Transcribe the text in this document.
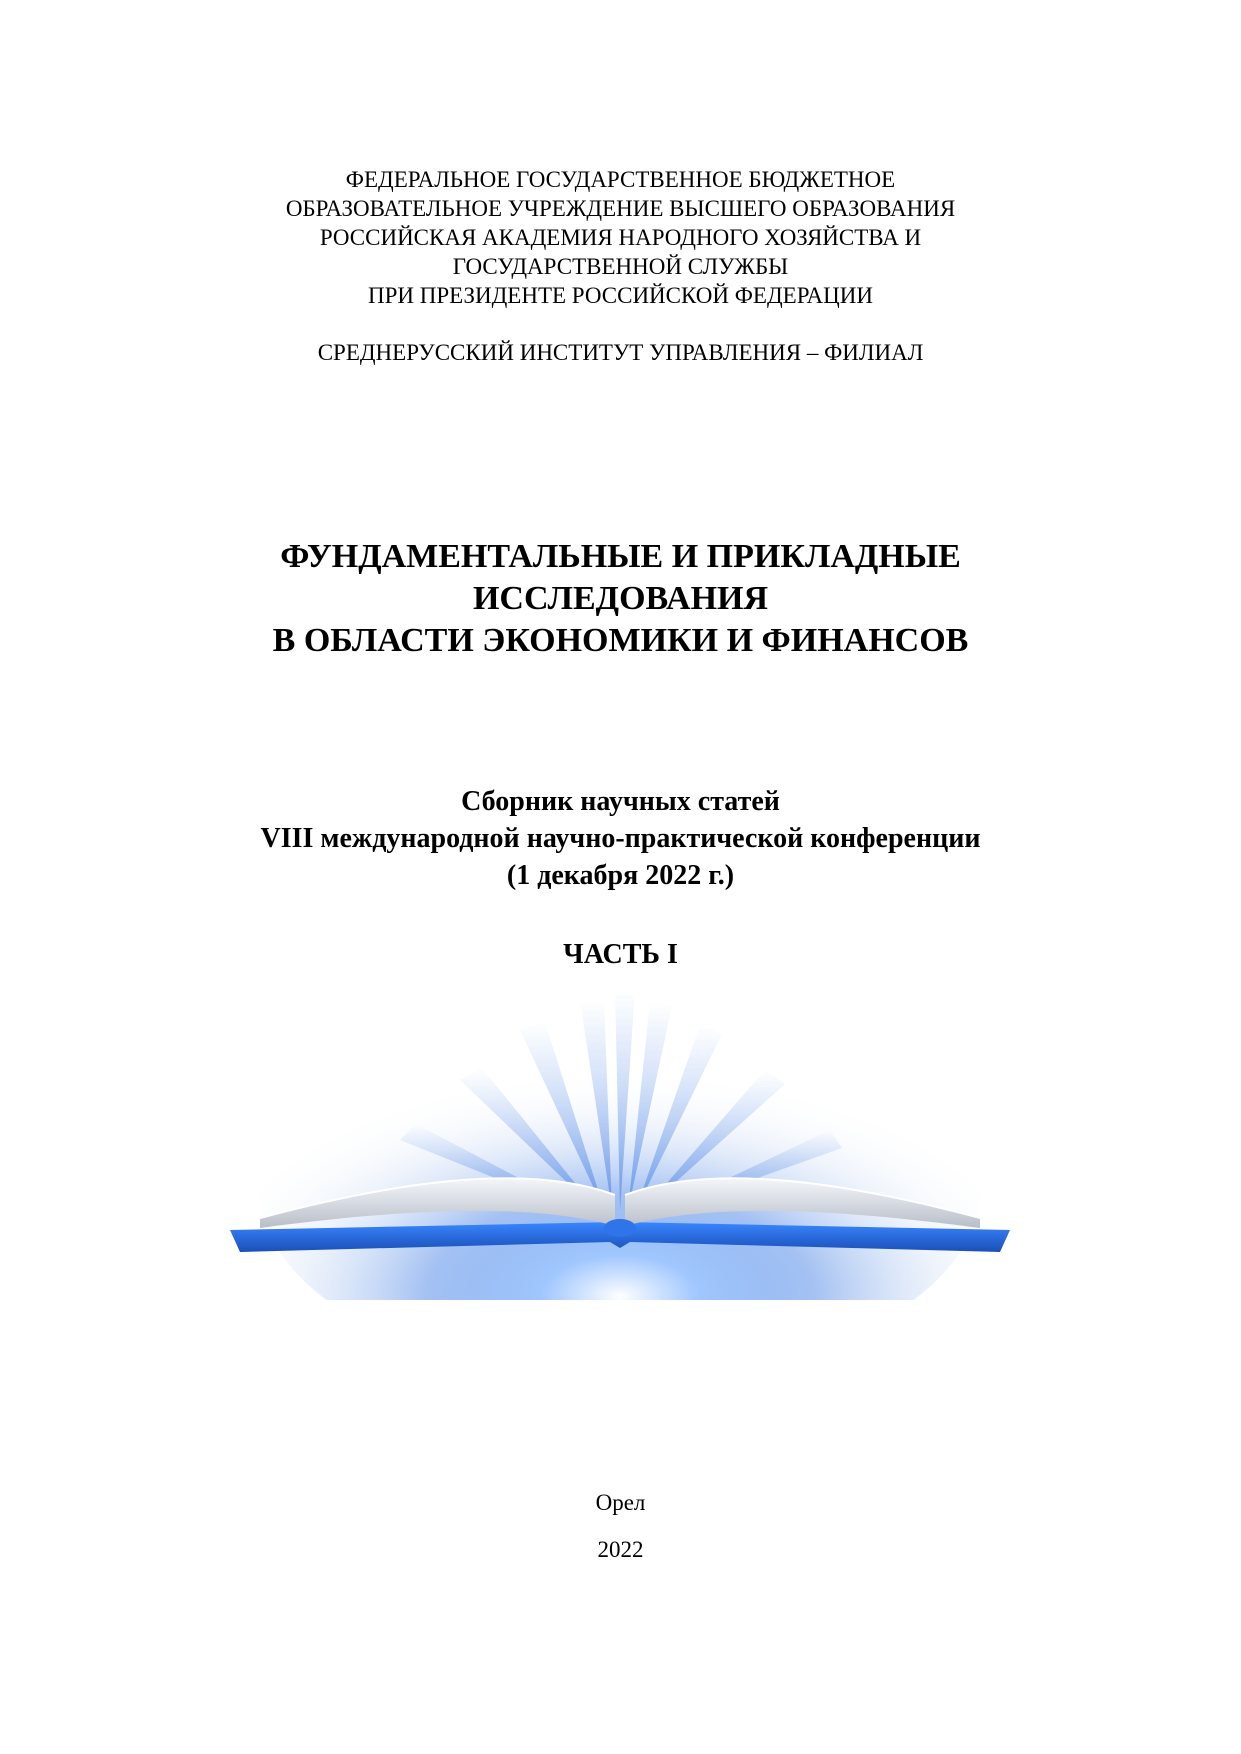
ФЕДЕРАЛЬНОЕ ГОСУДАРСТВЕННОЕ БЮДЖЕТНОЕ
ОБРАЗОВАТЕЛЬНОЕ УЧРЕЖДЕНИЕ ВЫСШЕГО ОБРАЗОВАНИЯ
РОССИЙСКАЯ АКАДЕМИЯ НАРОДНОГО ХОЗЯЙСТВА И
ГОСУДАРСТВЕННОЙ СЛУЖБЫ
ПРИ ПРЕЗИДЕНТЕ РОССИЙСКОЙ ФЕДЕРАЦИИ
СРЕДНЕРУССКИЙ ИНСТИТУТ УПРАВЛЕНИЯ – ФИЛИАЛ
ФУНДАМЕНТАЛЬНЫЕ И ПРИКЛАДНЫЕ
ИССЛЕДОВАНИЯ
В ОБЛАСТИ ЭКОНОМИКИ И ФИНАНСОВ
Сборник научных статей
VIII международной научно-практической конференции
(1 декабря 2022 г.)
ЧАСТЬ I
Орел
2022
